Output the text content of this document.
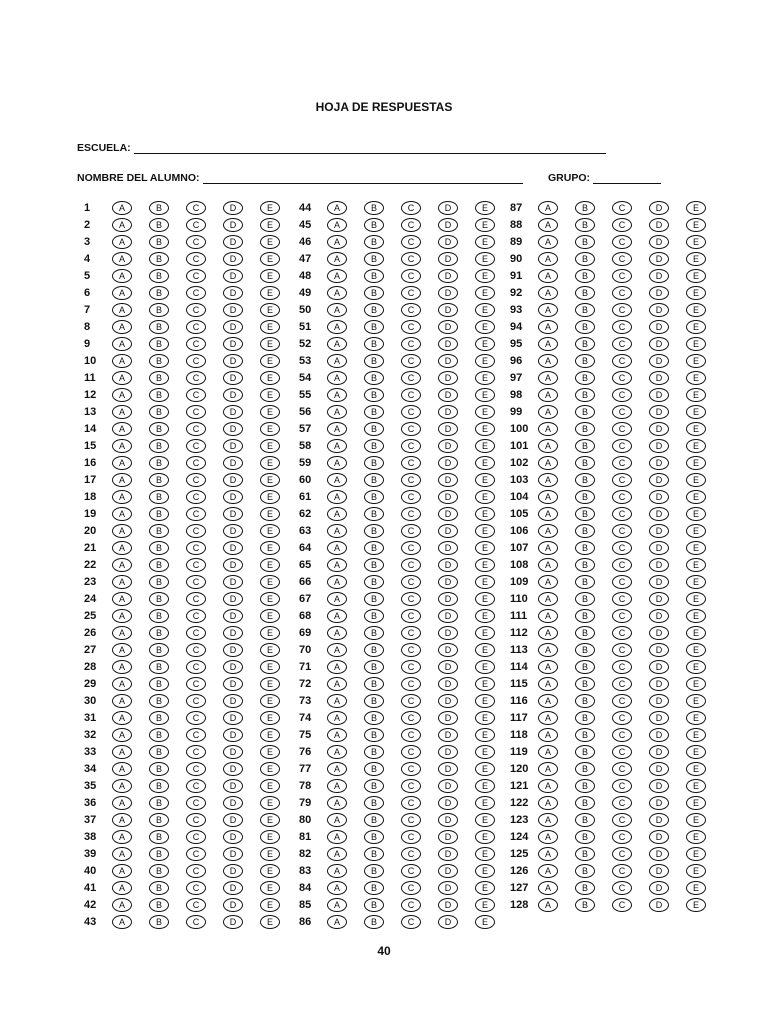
HOJA DE RESPUESTAS
ESCUELA:
NOMBRE DEL ALUMNO:	GRUPO:
1	A	B	C	D	E
2	A	B	C	D	E
3	A	B	C	D	E
4	A	B	C	D	E
5	A	B	C	D	E
6	A	B	C	D	E
7	A	B	C	D	E
8	A	B	C	D	E
9	A	B	C	D	E
10	A	B	C	D	E
11	A	B	C	D	E
12	A	B	C	D	E
13	A	B	C	D	E
14	A	B	C	D	E
15	A	B	C	D	E
16	A	B	C	D	E
17	A	B	C	D	E
18	A	B	C	D	E
19	A	B	C	D	E
20	A	B	C	D	E
21	A	B	C	D	E
22	A	B	C	D	E
23	A	B	C	D	E
24	A	B	C	D	E
25	A	B	C	D	E
26	A	B	C	D	E
27	A	B	C	D	E
28	A	B	C	D	E
29	A	B	C	D	E
30	A	B	C	D	E
31	A	B	C	D	E
32	A	B	C	D	E
33	A	B	C	D	E
34	A	B	C	D	E
35	A	B	C	D	E
36	A	B	C	D	E
37	A	B	C	D	E
38	A	B	C	D	E
39	A	B	C	D	E
40	A	B	C	D	E
41	A	B	C	D	E
42	A	B	C	D	E
43	A	B	C	D	E
44	A	B	C	D	E
45	A	B	C	D	E
46	A	B	C	D	E
47	A	B	C	D	E
48	A	B	C	D	E
49	A	B	C	D	E
50	A	B	C	D	E
51	A	B	C	D	E
52	A	B	C	D	E
53	A	B	C	D	E
54	A	B	C	D	E
55	A	B	C	D	E
56	A	B	C	D	E
57	A	B	C	D	E
58	A	B	C	D	E
59	A	B	C	D	E
60	A	B	C	D	E
61	A	B	C	D	E
62	A	B	C	D	E
63	A	B	C	D	E
64	A	B	C	D	E
65	A	B	C	D	E
66	A	B	C	D	E
67	A	B	C	D	E
68	A	B	C	D	E
69	A	B	C	D	E
70	A	B	C	D	E
71	A	B	C	D	E
72	A	B	C	D	E
73	A	B	C	D	E
74	A	B	C	D	E
75	A	B	C	D	E
76	A	B	C	D	E
77	A	B	C	D	E
78	A	B	C	D	E
79	A	B	C	D	E
80	A	B	C	D	E
81	A	B	C	D	E
82	A	B	C	D	E
83	A	B	C	D	E
84	A	B	C	D	E
85	A	B	C	D	E
86	A	B	C	D	E
87	A	B	C	D	E
88	A	B	C	D	E
89	A	B	C	D	E
90	A	B	C	D	E
91	A	B	C	D	E
92	A	B	C	D	E
93	A	B	C	D	E
94	A	B	C	D	E
95	A	B	C	D	E
96	A	B	C	D	E
97	A	B	C	D	E
98	A	B	C	D	E
99	A	B	C	D	E
100	A	B	C	D	E
101	A	B	C	D	E
102	A	B	C	D	E
103	A	B	C	D	E
104	A	B	C	D	E
105	A	B	C	D	E
106	A	B	C	D	E
107	A	B	C	D	E
108	A	B	C	D	E
109	A	B	C	D	E
110	A	B	C	D	E
111	A	B	C	D	E
112	A	B	C	D	E
113	A	B	C	D	E
114	A	B	C	D	E
115	A	B	C	D	E
116	A	B	C	D	E
117	A	B	C	D	E
118	A	B	C	D	E
119	A	B	C	D	E
120	A	B	C	D	E
121	A	B	C	D	E
122	A	B	C	D	E
123	A	B	C	D	E
124	A	B	C	D	E
125	A	B	C	D	E
126	A	B	C	D	E
127	A	B	C	D	E
128	A	B	C	D	E
40
